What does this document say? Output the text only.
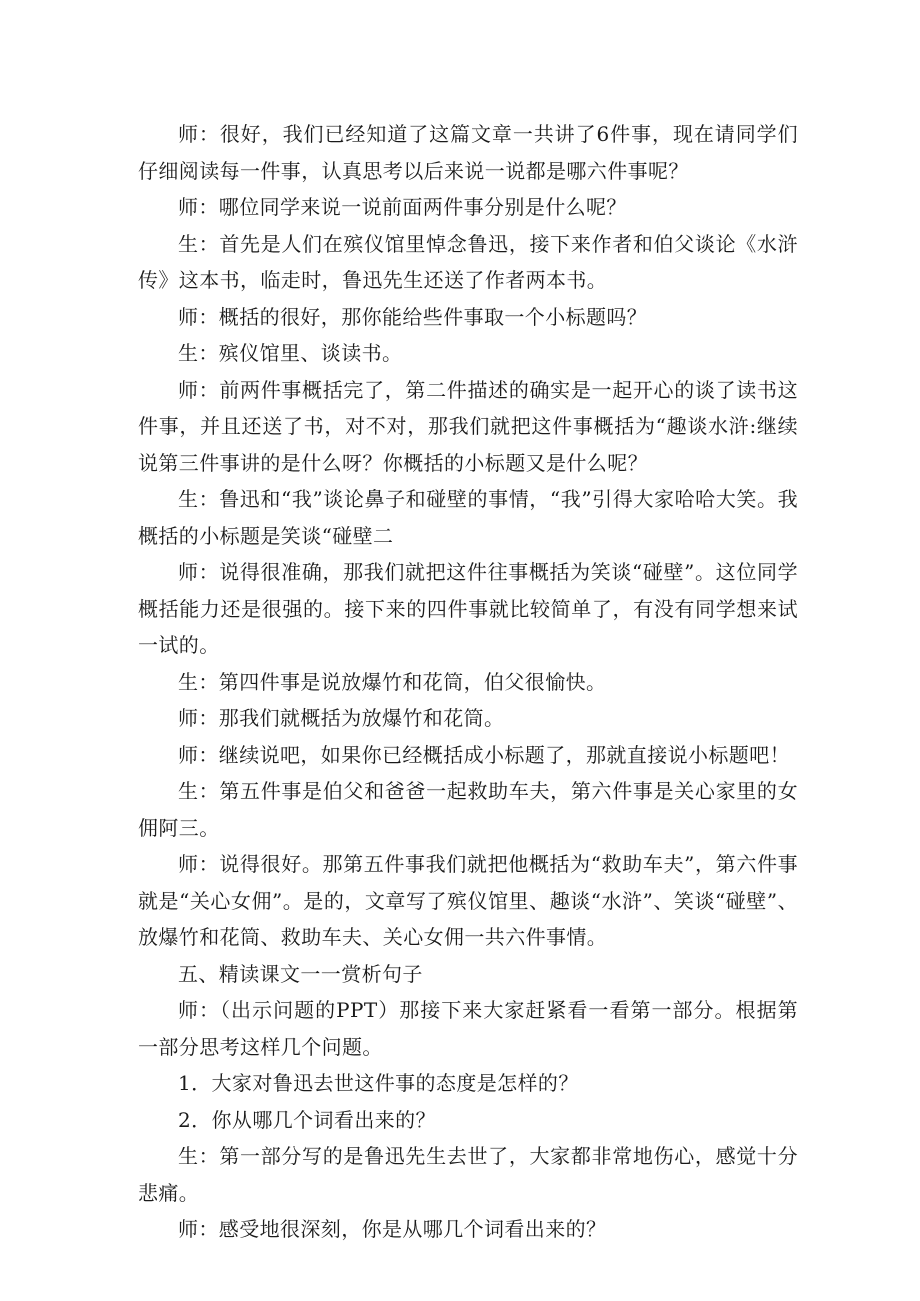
师：很好，我们已经知道了这篇文章一共讲了6件事，现在请同学们仔细阅读每一件事，认真思考以后来说一说都是哪六件事呢？

师：哪位同学来说一说前面两件事分别是什么呢？

生：首先是人们在殡仪馆里悼念鲁迅，接下来作者和伯父谈论《水浒传》这本书，临走时，鲁迅先生还送了作者两本书。

师：概括的很好，那你能给些件事取一个小标题吗？

生：殡仪馆里、谈读书。

师：前两件事概括完了，第二件描述的确实是一起开心的谈了读书这件事，并且还送了书，对不对，那我们就把这件事概括为“趣谈水浒:继续说第三件事讲的是什么呀？你概括的小标题又是什么呢？

生：鲁迅和“我”谈论鼻子和碰壁的事情，“我”引得大家哈哈大笑。我概括的小标题是笑谈“碰壁二

师：说得很准确，那我们就把这件往事概括为笑谈“碰壁”。这位同学概括能力还是很强的。接下来的四件事就比较简单了，有没有同学想来试一试的。

生：第四件事是说放爆竹和花筒，伯父很愉快。

师：那我们就概括为放爆竹和花筒。

师：继续说吧，如果你已经概括成小标题了，那就直接说小标题吧！

生：第五件事是伯父和爸爸一起救助车夫，第六件事是关心家里的女佣阿三。

师：说得很好。那第五件事我们就把他概括为“救助车夫”，第六件事就是“关心女佣”。是的，文章写了殡仪馆里、趣谈“水浒”、笑谈“碰壁”、放爆竹和花筒、救助车夫、关心女佣一共六件事情。

五、精读课文一一赏析句子

师：（出示问题的PPT）那接下来大家赶紧看一看第一部分。根据第一部分思考这样几个问题。

1．大家对鲁迅去世这件事的态度是怎样的？

2．你从哪几个词看出来的？

生：第一部分写的是鲁迅先生去世了，大家都非常地伤心，感觉十分悲痛。

师：感受地很深刻，你是从哪几个词看出来的？
